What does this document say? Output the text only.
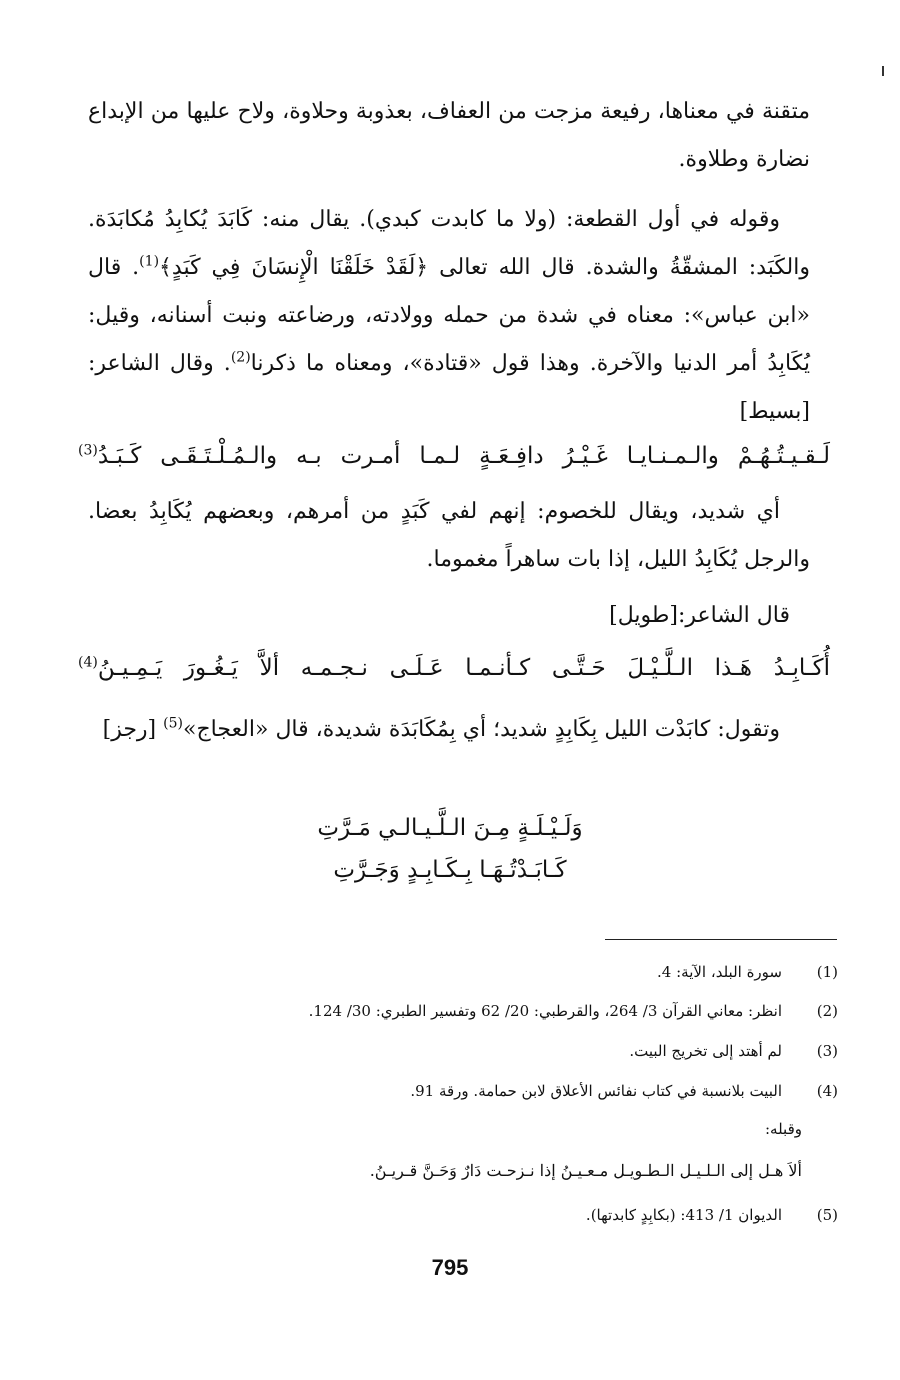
متقنة في معناها، رفيعة مزجت من العفاف، بعذوبة وحلاوة، ولاح عليها من الإبداع نضارة وطلاوة.
وقوله في أول القطعة: (ولا ما كابدت كبدي). يقال منه: كَابَدَ يُكابِدُ مُكابَدَة. والكَبَد: المشقّةُ والشدة. قال الله تعالى ﴿لَقَدْ خَلَقْنَا الْإِنسَانَ فِي كَبَدٍ﴾$^{(1)}$. قال «ابن عباس»: معناه في شدة من حمله وولادته، ورضاعته ونبت أسنانه، وقيل: يُكَابِدُ أمر الدنيا والآخرة. وهذا قول «قتادة»، ومعناه ما ذكرنا$^{(2)}$. وقال الشاعر: [بسيط]
لَـقـيـتُـهُـمْ والـمـنـايـا غَـيْـرُ دافِـعَـةٍ لـمـا أمـرت بـه والـمُـلْـتَـقَـى كَـبَـدُ$^{(3)}$
أي شديد، ويقال للخصوم: إنهم لفي كَبَدٍ من أمرهم، وبعضهم يُكَابِدُ بعضا. والرجل يُكَابِدُ الليل، إذا بات ساهراً مغموما.
قال الشاعر:[طويل]
أُكَـابِـدُ هَـذا الـلَّـيْـلَ حَـتَّـى كـأنـمـا عَـلَـى نـجـمـه ألاَّ يَـغُـورَ يَـمِـيـنُ$^{(4)}$
وتقول: كابَدْت الليل بِكَابِدٍ شديد؛ أي بِمُكَابَدَة شديدة، قال «العجاج»$^{(5)}$ [رجز]
وَلَـيْـلَـةٍ مِـنَ الـلَّـيـالـي مَـرَّتِ
كَـابَـدْتُـهَـا بِـكَـابِـدٍ وَجَـرَّتِ
(1)سورة البلد، الآية: 4.
(2)انظر: معاني القرآن 3/ 264، والقرطبي: 20/ 62 وتفسير الطبري: 30/ 124.
(3)لم أهتد إلى تخريج البيت.
(4)البيت بلانسبة في كتاب نفائس الأعلاق لابن حمامة. ورقة 91.
وقبله:
ألاَ هـل إلى الـلـيـل الـطـويـل مـعـيـنُ إذا نـزحـت دَارٌ وَحَـنَّ قـريـنُ.
(5)الديوان 1/ 413: (بكابِدٍ كابدتها).
795
